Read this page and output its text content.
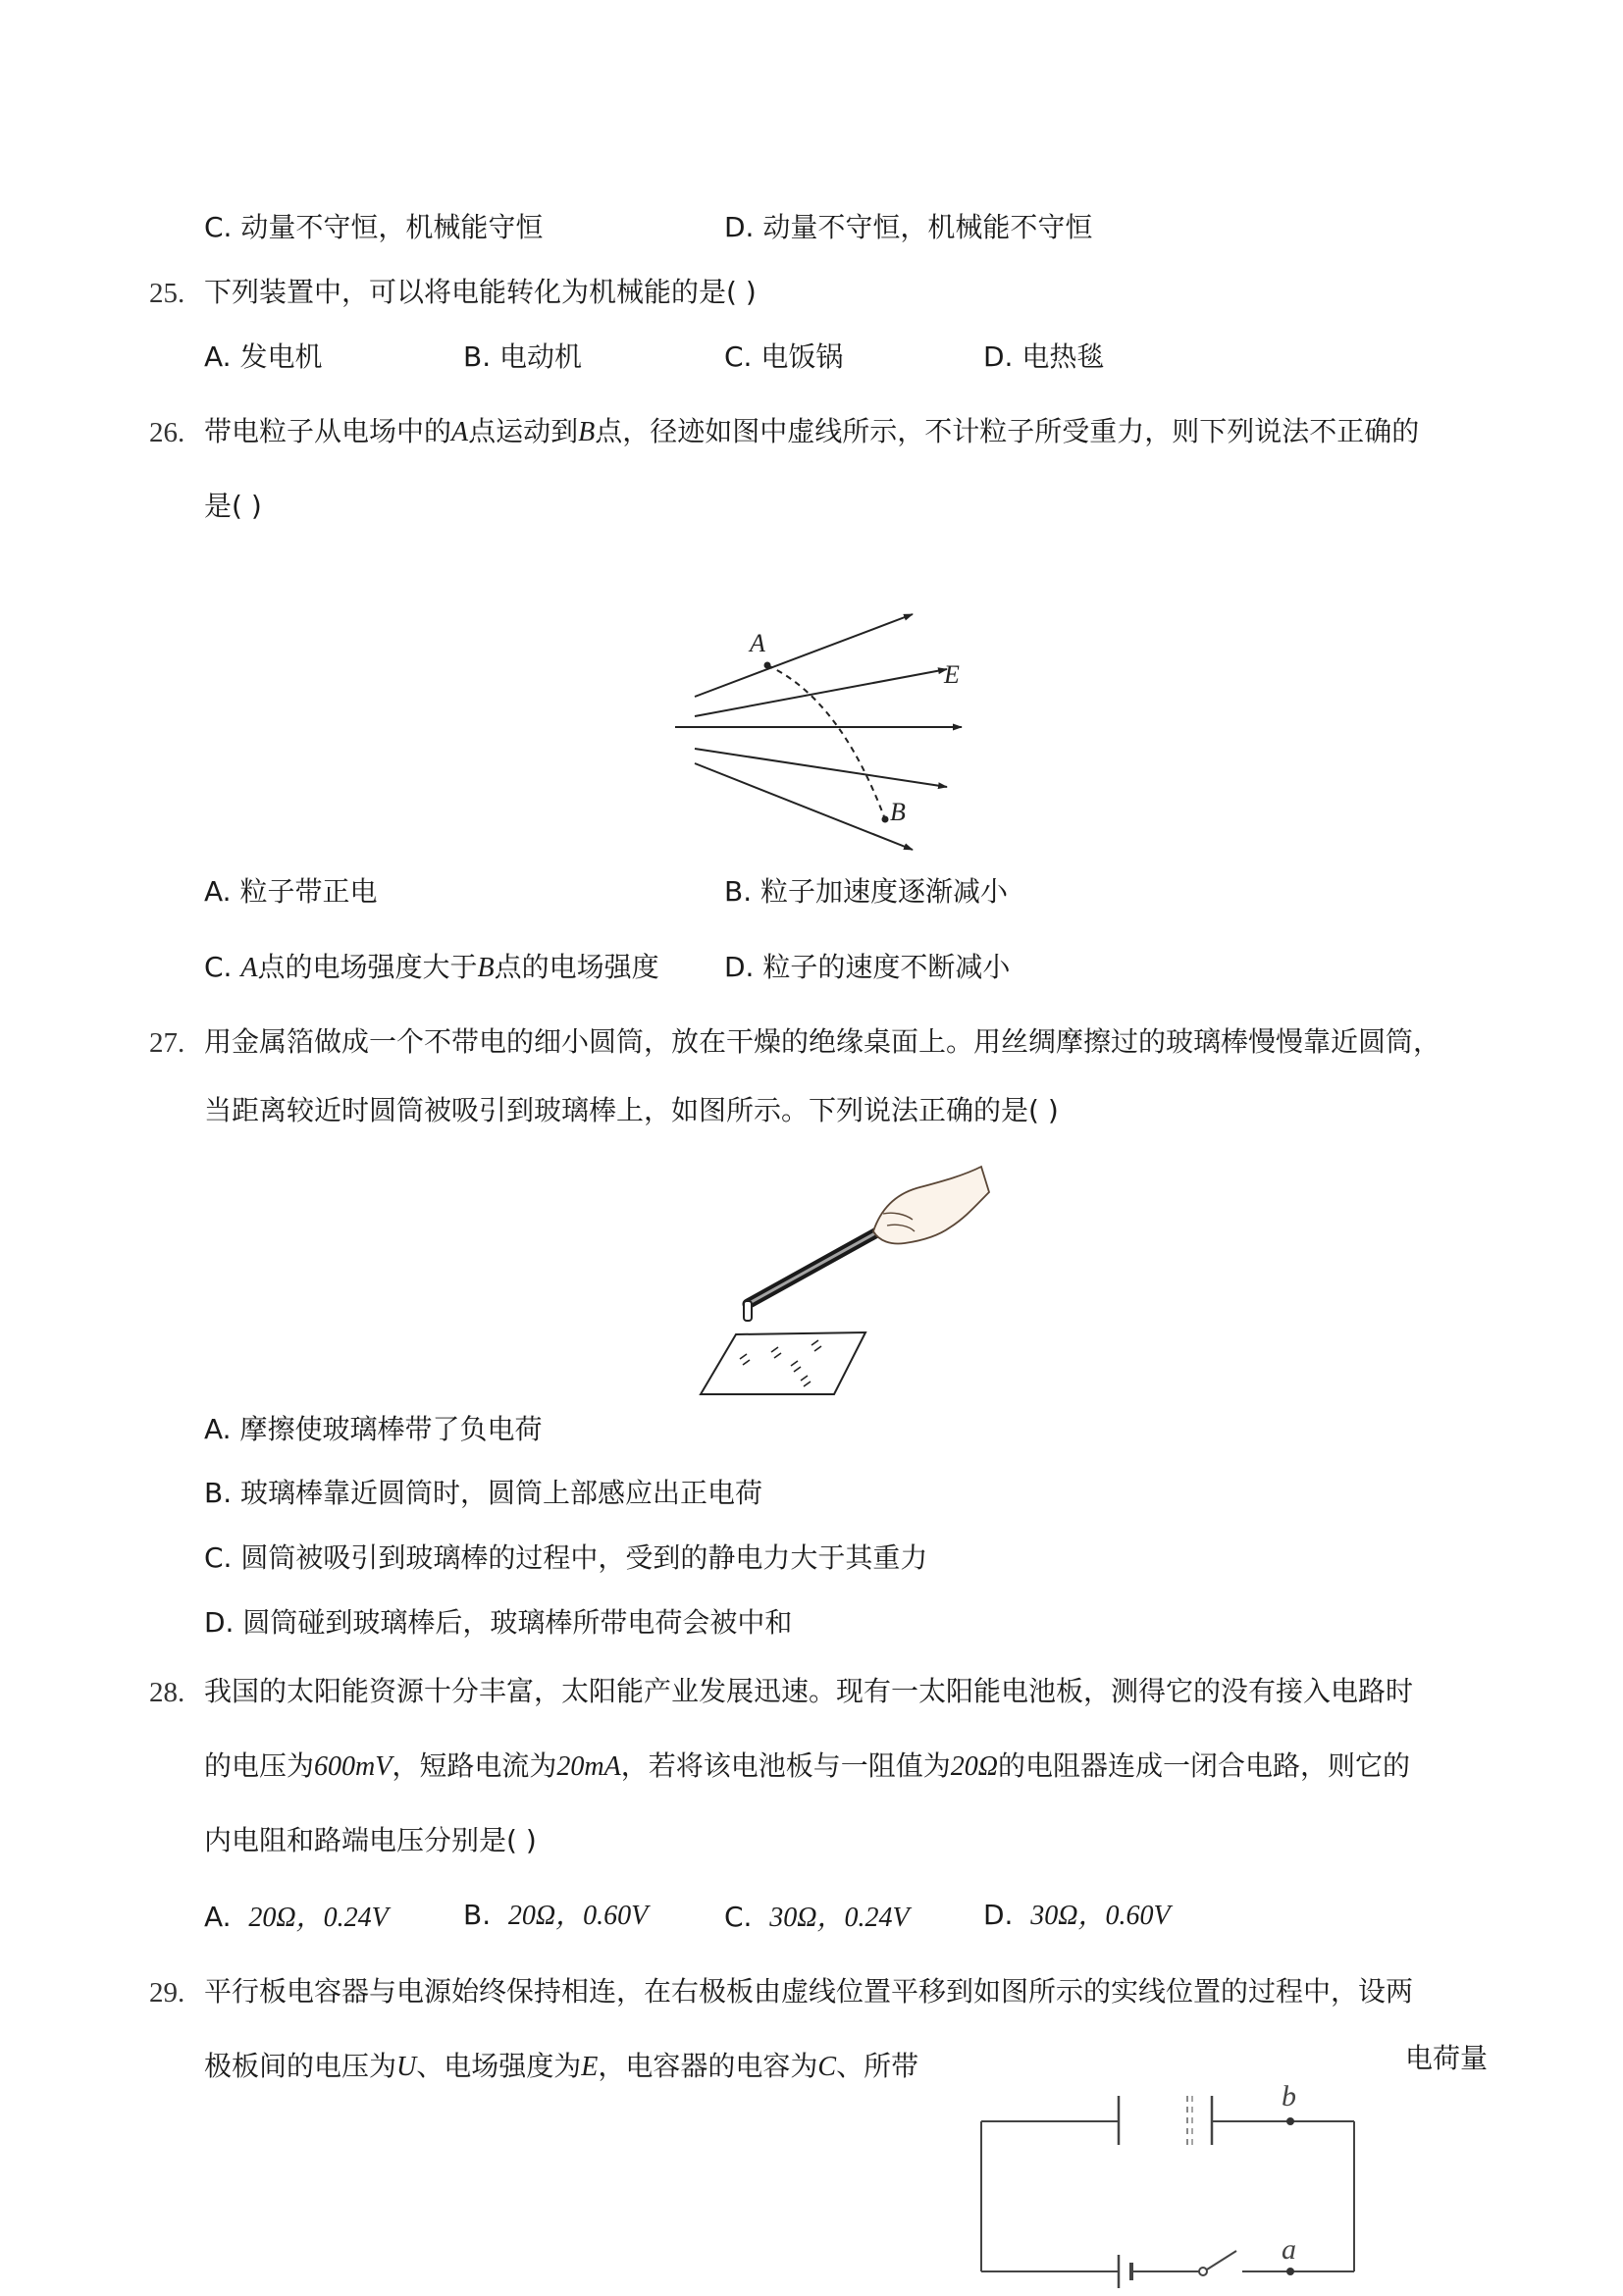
C. 动量不守恒，机械能守恒	D. 动量不守恒，机械能不守恒
25. 下列装置中，可以将电能转化为机械能的是( )
A. 发电机	B. 电动机	C. 电饭锅	D. 电热毯
26. 带电粒子从电场中的A点运动到B点，径迹如图中虚线所示，不计粒子所受重力，则下列说法不正确的
是( )
A
E
B
A. 粒子带正电	B. 粒子加速度逐渐减小
C. A点的电场强度大于B点的电场强度 D. 粒子的速度不断减小
27. 用金属箔做成一个不带电的细小圆筒，放在干燥的绝缘桌面上。用丝绸摩擦过的玻璃棒慢慢靠近圆筒，
当距离较近时圆筒被吸引到玻璃棒上，如图所示。下列说法正确的是( )
A. 摩擦使玻璃棒带了负电荷
B. 玻璃棒靠近圆筒时，圆筒上部感应出正电荷
C. 圆筒被吸引到玻璃棒的过程中，受到的静电力大于其重力
D. 圆筒碰到玻璃棒后，玻璃棒所带电荷会被中和
28. 我国的太阳能资源十分丰富，太阳能产业发展迅速。现有一太阳能电池板，测得它的没有接入电路时
的电压为600mV，短路电流为20mA，若将该电池板与一阻值为20Ω的电阻器连成一闭合电路，则它的
内电阻和路端电压分别是( )
A. 20Ω，0.24V	B. 20Ω，0.60V	C. 30Ω，0.24V	D. 30Ω，0.60V
29. 平行板电容器与电源始终保持相连，在右极板由虚线位置平移到如图所示的实线位置的过程中，设两
极板间的电压为U、电场强度为E，电容器的电容为C、所带	电荷量
b
a
